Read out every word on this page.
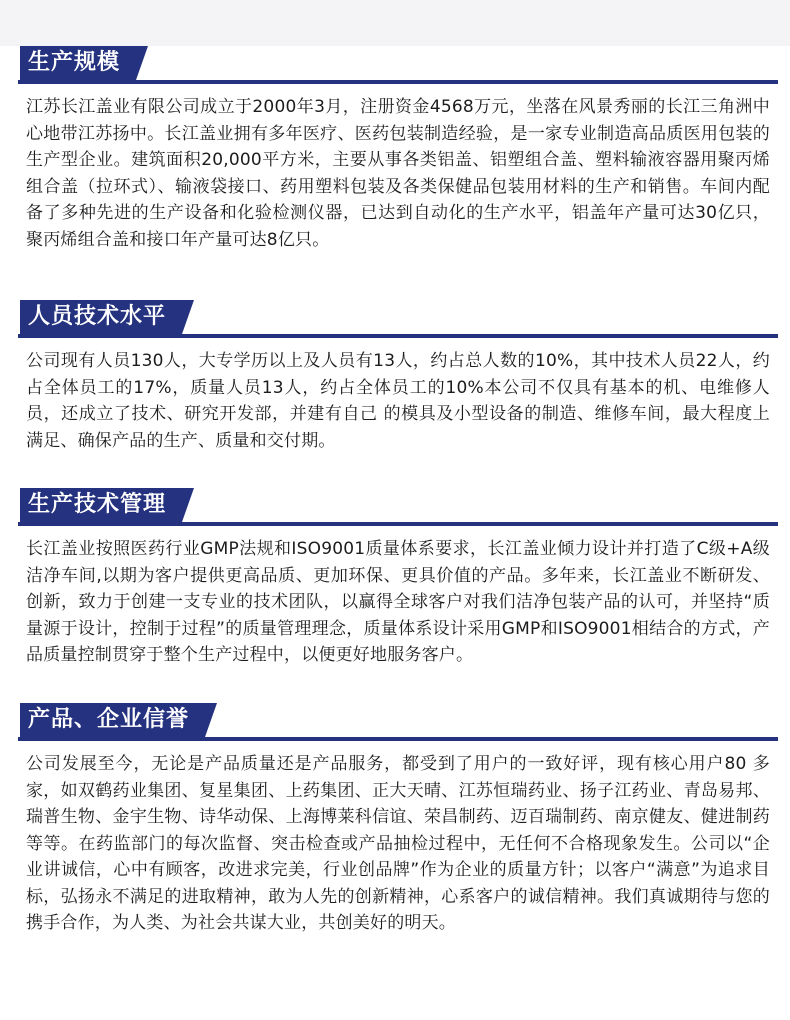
生产规模
江苏长江盖业有限公司成立于2000年3月，注册资金4568万元，坐落在风景秀丽的长江三角洲中心地带江苏扬中。长江盖业拥有多年医疗、医药包装制造经验，是一家专业制造高品质医用包装的生产型企业。建筑面积20,000平方米，主要从事各类铝盖、铝塑组合盖、塑料输液容器用聚丙烯组合盖（拉环式）、输液袋接口、药用塑料包装及各类保健品包装用材料的生产和销售。车间内配备了多种先进的生产设备和化验检测仪器，已达到自动化的生产水平，铝盖年产量可达30亿只，聚丙烯组合盖和接口年产量可达8亿只。
人员技术水平
公司现有人员130人，大专学历以上及人员有13人，约占总人数的10%，其中技术人员22人，约占全体员工的17%，质量人员13人，约占全体员工的10%本公司不仅具有基本的机、电维修人员，还成立了技术、研究开发部，并建有自己 的模具及小型设备的制造、维修车间，最大程度上满足、确保产品的生产、质量和交付期。
生产技术管理
长江盖业按照医药行业GMP法规和ISO9001质量体系要求，长江盖业倾力设计并打造了C级+A级洁净车间,以期为客户提供更高品质、更加环保、更具价值的产品。多年来，长江盖业不断研发、创新，致力于创建一支专业的技术团队，以赢得全球客户对我们洁净包装产品的认可，并坚持“质量源于设计，控制于过程”的质量管理理念，质量体系设计采用GMP和ISO9001相结合的方式，产品质量控制贯穿于整个生产过程中，以便更好地服务客户。
产品、企业信誉
公司发展至今，无论是产品质量还是产品服务，都受到了用户的一致好评，现有核心用户80 多家，如双鹤药业集团、复星集团、上药集团、正大天晴、江苏恒瑞药业、扬子江药业、青岛易邦、瑞普生物、金宇生物、诗华动保、上海博莱科信谊、荣昌制药、迈百瑞制药、南京健友、健进制药等等。在药监部门的每次监督、突击检查或产品抽检过程中，无任何不合格现象发生。公司以“企业讲诚信，心中有顾客，改进求完美，行业创品牌”作为企业的质量方针；以客户“满意”为追求目标，弘扬永不满足的进取精神，敢为人先的创新精神，心系客户的诚信精神。我们真诚期待与您的携手合作，为人类、为社会共谋大业，共创美好的明天。
